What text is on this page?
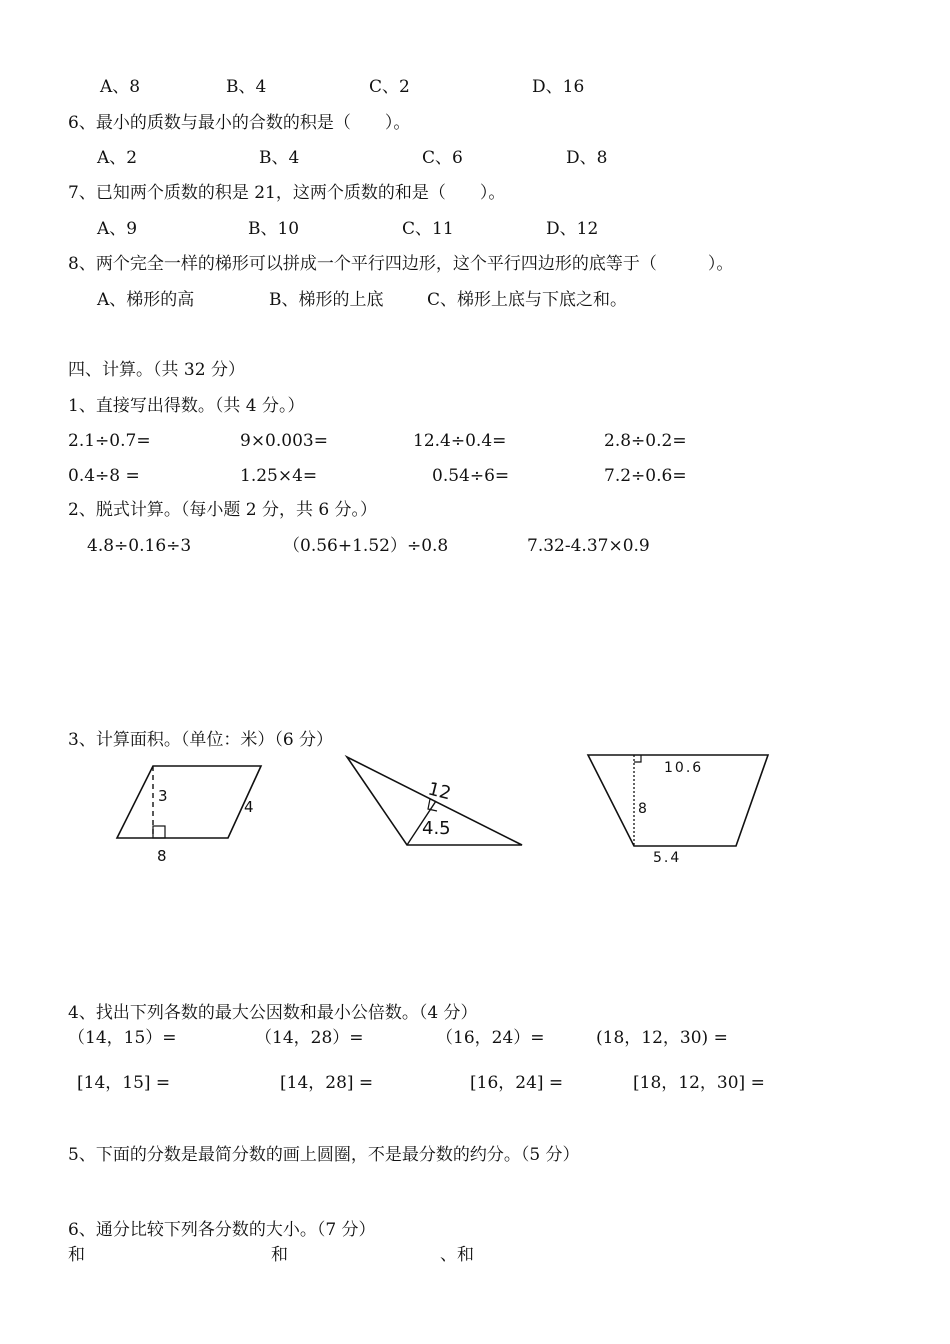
A、8	B、4	C、2	D、16
6、最小的质数与最小的合数的积是（　　）。
A、2	B、4	C、6	D、8
7、已知两个质数的积是 21，这两个质数的和是（　　）。
A、9	B、10	C、11	D、12
8、两个完全一样的梯形可以拼成一个平行四边形，这个平行四边形的底等于（　　　）。
A、梯形的高	B、梯形的上底	C、梯形上底与下底之和。
四、计算。（共 32 分）
1、直接写出得数。（共 4 分。）
2.1÷0.7=	9×0.003=	12.4÷0.4=	2.8÷0.2=
0.4÷8 =	1.25×4=	0.54÷6=	7.2÷0.6=
2、脱式计算。（每小题 2 分，共 6 分。）
4.8÷0.16÷3	（0.56+1.52）÷0.8	7.32-4.37×0.9
3、计算面积。（单位：米）（6 分）
3
4
8
12
4.5
10.6
8
5.4
4、找出下列各数的最大公因数和最小公倍数。（4 分）
（14，15）=	（14，28）=	（16，24）=	(18，12，30) =
[14，15] =	[14，28] =	[16，24] =	[18，12，30] =
5、下面的分数是最简分数的画上圆圈，不是最分数的约分。（5 分）
6、通分比较下列各分数的大小。（7 分）
和	和	、和
